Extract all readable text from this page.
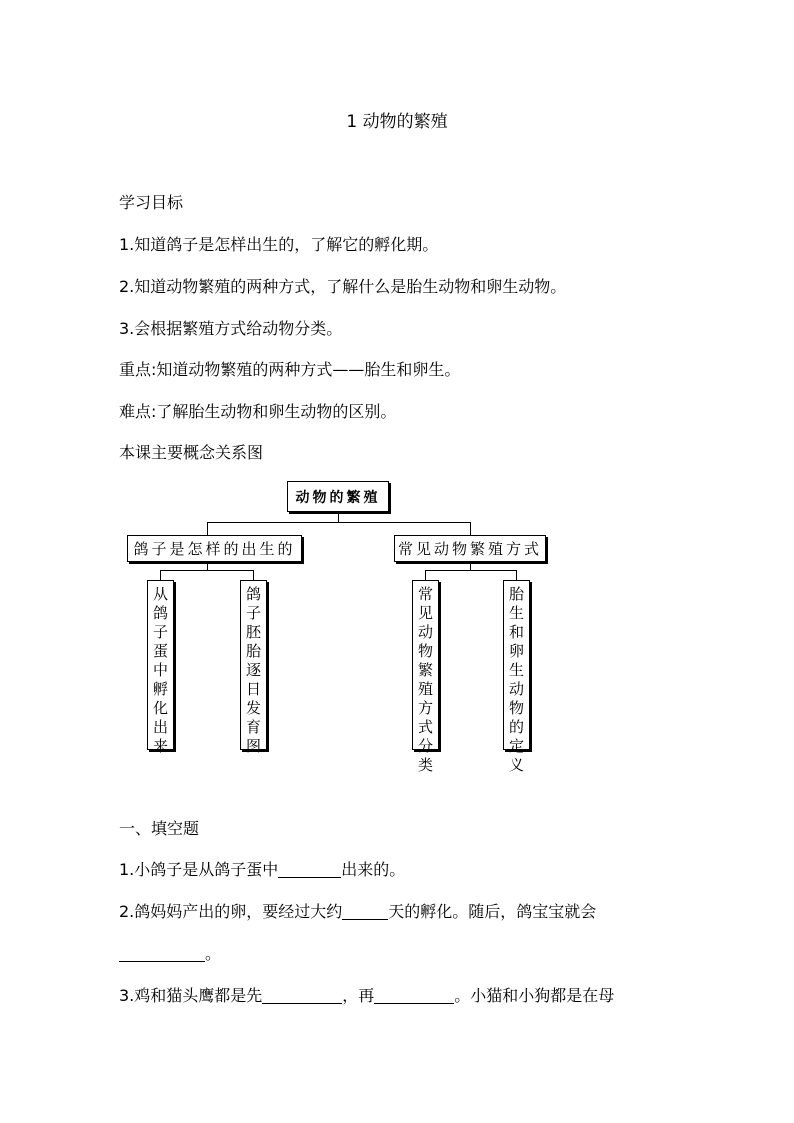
1 动物的繁殖
学习目标
1.知道鸽子是怎样出生的，了解它的孵化期。
2.知道动物繁殖的两种方式，了解什么是胎生动物和卵生动物。
3.会根据繁殖方式给动物分类。
重点:知道动物繁殖的两种方式——胎生和卵生。
难点:了解胎生动物和卵生动物的区别。
本课主要概念关系图
动物的繁殖
鸽子是怎样的出生的	常见动物繁殖方式
从鸽子蛋中孵化出来
鸽子胚胎逐日发育图
常见动物繁殖方式分类
胎生和卵生动物的定义
一、填空题
1.小鸽子是从鸽子蛋中	出来的。
2.鸽妈妈产出的卵，要经过大约	天的孵化。随后，鸽宝宝就会
。
3.鸡和猫头鹰都是先	，再	。小猫和小狗都是在母
